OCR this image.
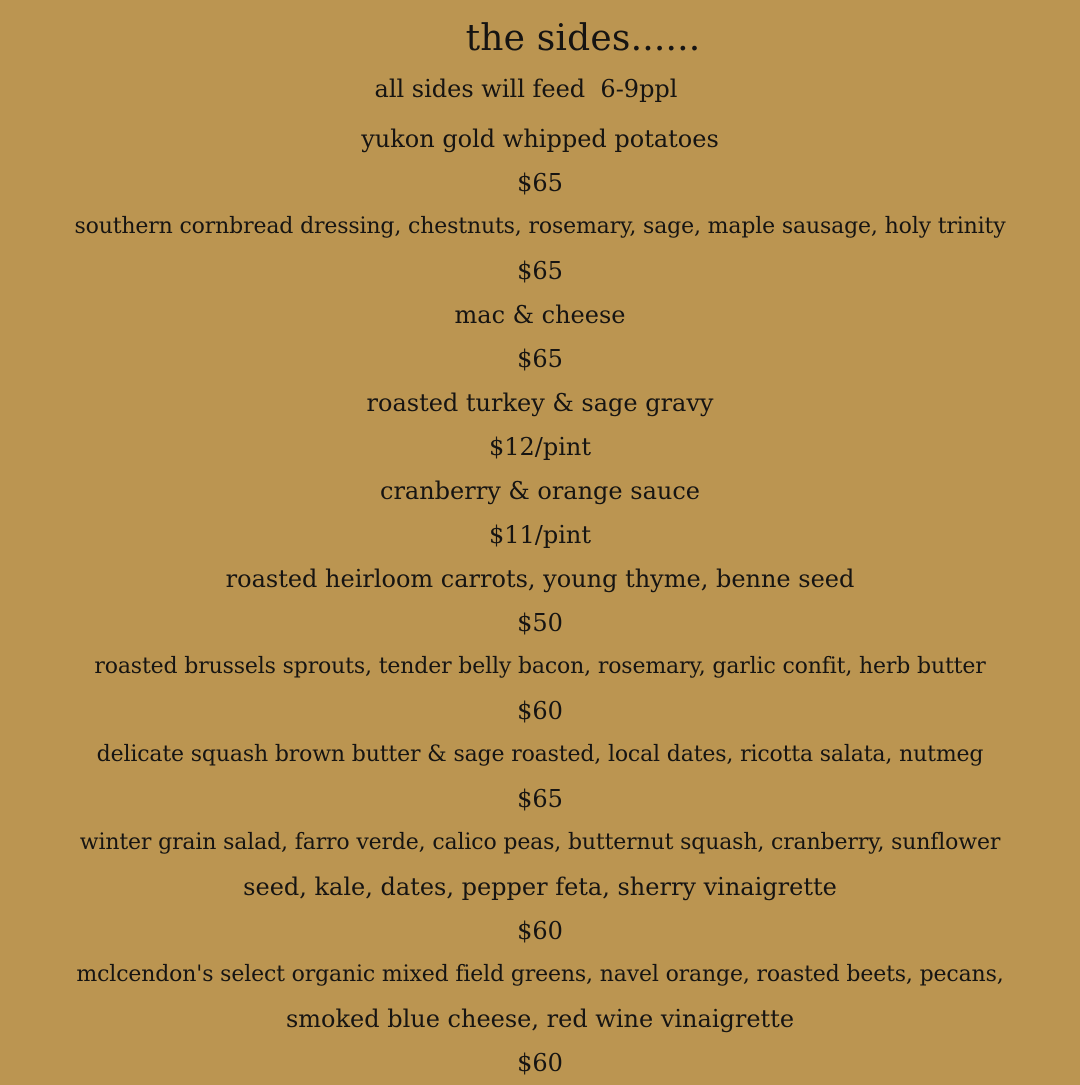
the sides......
all sides will feed  6-9ppl
yukon gold whipped potatoes
$65
southern cornbread dressing, chestnuts, rosemary, sage, maple sausage, holy trinity
$65
mac & cheese
$65
roasted turkey & sage gravy
$12/pint
cranberry & orange sauce
$11/pint
roasted heirloom carrots, young thyme, benne seed
$50
roasted brussels sprouts, tender belly bacon, rosemary, garlic confit, herb butter
$60
delicate squash brown butter & sage roasted, local dates, ricotta salata, nutmeg
$65
winter grain salad, farro verde, calico peas, butternut squash, cranberry, sunflower
seed, kale, dates, pepper feta, sherry vinaigrette
$60
mclcendon's select organic mixed field greens, navel orange, roasted beets, pecans,
smoked blue cheese, red wine vinaigrette
$60
